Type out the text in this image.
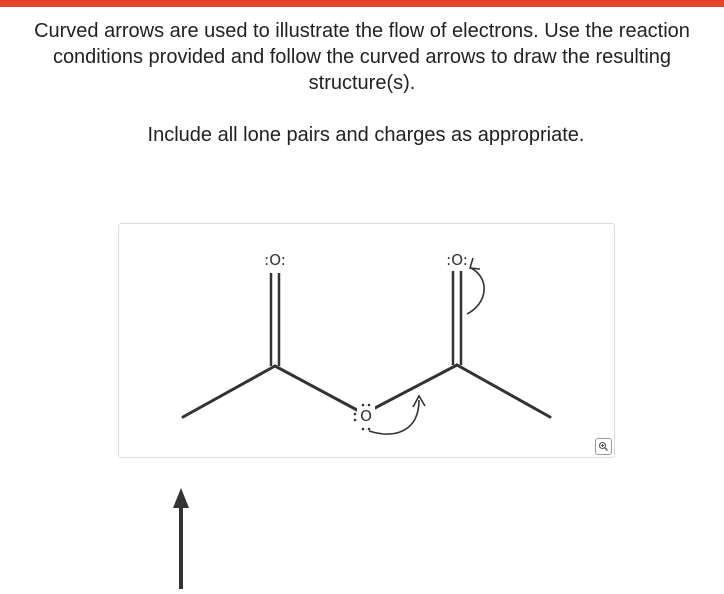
Curved arrows are used to illustrate the flow of electrons. Use the reaction
conditions provided and follow the curved arrows to draw the resulting
structure(s).
Include all lone pairs and charges as appropriate.
:O:	:O:
O
